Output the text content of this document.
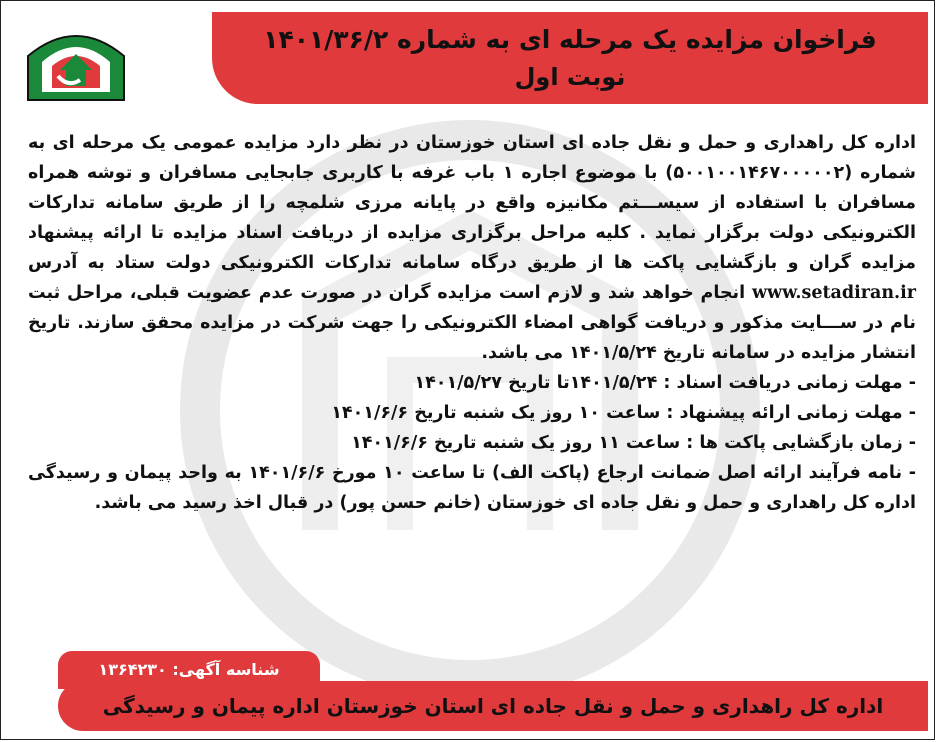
فراخوان مزایده یک مرحله ای به شماره ۱۴۰۱/۳۶/۲
نوبت اول

اداره کل راهداری و حمل و نقل جاده ای استان خوزستان در نظر دارد مزایده عمومی یک مرحله ای به شماره (۵۰۰۱۰۰۱۴۶۷۰۰۰۰۰۲) با موضوع اجاره ۱ باب غرفه با کاربری جابجایی مسافران و توشه همراه مسافران با استفاده از سیســـتم مکانیزه واقع در پایانه مرزی شلمچه را از طریق سامانه تدارکات الکترونیکی دولت برگزار نماید . کلیه مراحل برگزاری مزایده از دریافت اسناد مزایده تا ارائه پیشنهاد مزایده گران و بازگشایی پاکت ها از طریق درگاه سامانه تدارکات الکترونیکی دولت ستاد به آدرس www.setadiran.ir انجام خواهد شد و لازم است مزایده گران در صورت عدم عضویت قبلی، مراحل ثبت نام در ســـایت مذکور و دریافت گواهی امضاء الکترونیکی را جهت شرکت در مزایده محقق سازند. تاریخ انتشار مزایده در سامانه تاریخ ۱۴۰۱/۵/۲۴ می باشد.

- مهلت زمانی دریافت اسناد : ۱۴۰۱/۵/۲۴تا تاریخ ۱۴۰۱/۵/۲۷

- مهلت زمانی ارائه پیشنهاد : ساعت ۱۰ روز یک شنبه تاریخ ۱۴۰۱/۶/۶

- زمان بازگشایی پاکت ها : ساعت ۱۱ روز یک شنبه تاریخ ۱۴۰۱/۶/۶

- نامه فرآیند ارائه اصل ضمانت ارجاع (پاکت الف) تا ساعت ۱۰ مورخ ۱۴۰۱/۶/۶ به واحد پیمان و رسیدگی اداره کل راهداری و حمل و نقل جاده ای خوزستان (خانم حسن پور) در قبال اخذ رسید می باشد.

شناسه آگهی: ۱۳۶۴۲۳۰
اداره کل راهداری و حمل و نقل جاده ای استان خوزستان اداره پیمان و رسیدگی
